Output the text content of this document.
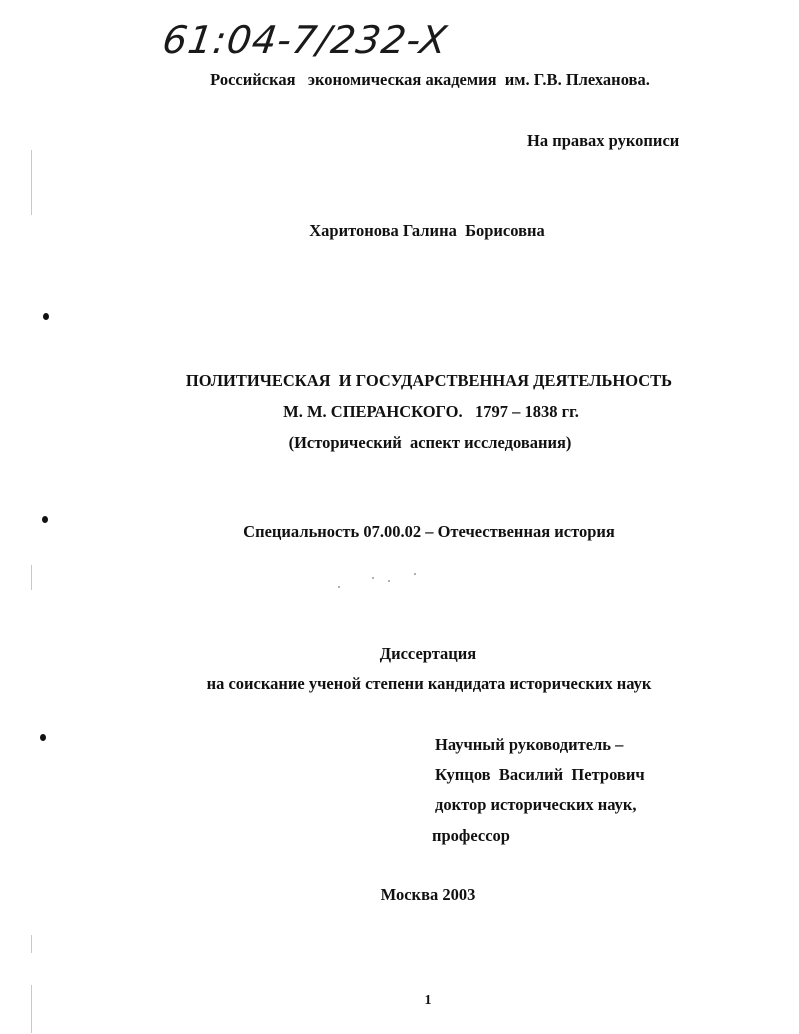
61:04-7/232-X
Российская   экономическая академия  им. Г.В. Плеханова.
На правах рукописи
Харитонова Галина  Борисовна
ПОЛИТИЧЕСКАЯ  И ГОСУДАРСТВЕННАЯ ДЕЯТЕЛЬНОСТЬ
М. М. СПЕРАНСКОГО.   1797 – 1838 гг.
(Исторический  аспект исследования)
Специальность 07.00.02 – Отечественная история
Диссертация
на соискание ученой степени кандидата исторических наук
Научный руководитель –
Купцов  Василий  Петрович
доктор исторических наук,
профессор
Москва 2003
1
